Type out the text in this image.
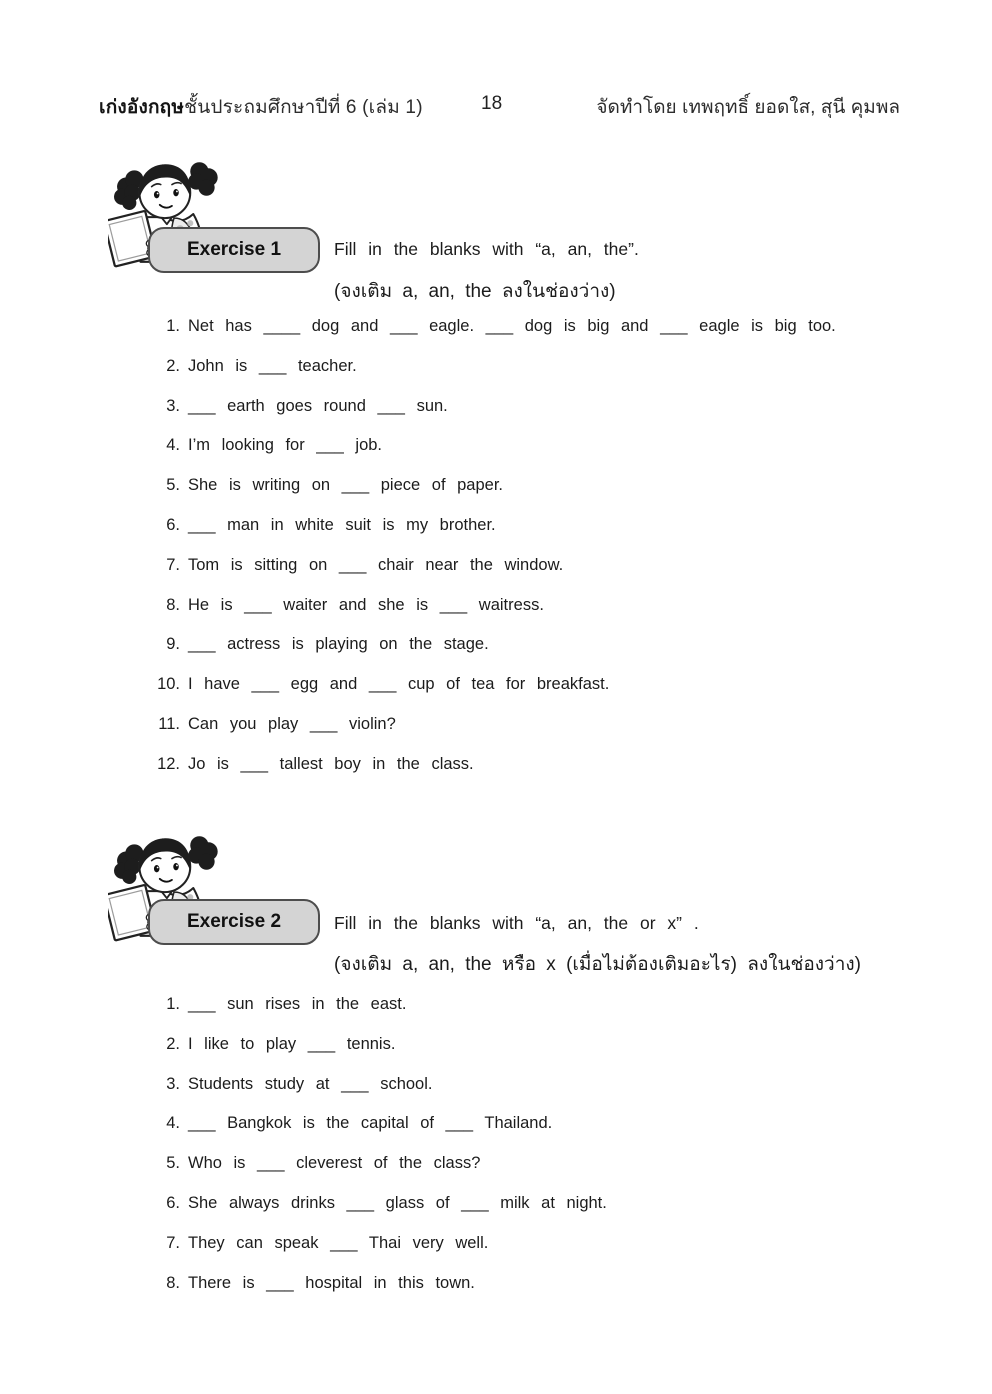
เก่งอังกฤษชั้นประถมศึกษาปีที่ 6 (เล่ม 1)	18	จัดทำโดย เทพฤทธิ์ ยอดใส, สุนี คุมพล
Exercise 1	Fill in the blanks with “a, an, the”.
(จงเติม a, an, the ลงในช่องว่าง)
1. Net has ____ dog and ___ eagle. ___ dog is big and ___ eagle is big too.
2. John is ___ teacher.
3. ___ earth goes round ___ sun.
4. I’m looking for ___ job.
5. She is writing on ___ piece of paper.
6. ___ man in white suit is my brother.
7. Tom is sitting on ___ chair near the window.
8. He is ___ waiter and she is ___ waitress.
9. ___ actress is playing on the stage.
10. I have ___ egg and ___ cup of tea for breakfast.
11. Can you play ___ violin?
12. Jo is ___ tallest boy in the class.
Exercise 2	Fill in the blanks with “a, an, the or x” .
(จงเติม a, an, the หรือ x (เมื่อไม่ต้องเติมอะไร) ลงในช่องว่าง)
1. ___ sun rises in the east.
2. I like to play ___ tennis.
3. Students study at ___ school.
4. ___ Bangkok is the capital of ___ Thailand.
5. Who is ___ cleverest of the class?
6. She always drinks ___ glass of ___ milk at night.
7. They can speak ___ Thai very well.
8. There is ___ hospital in this town.
